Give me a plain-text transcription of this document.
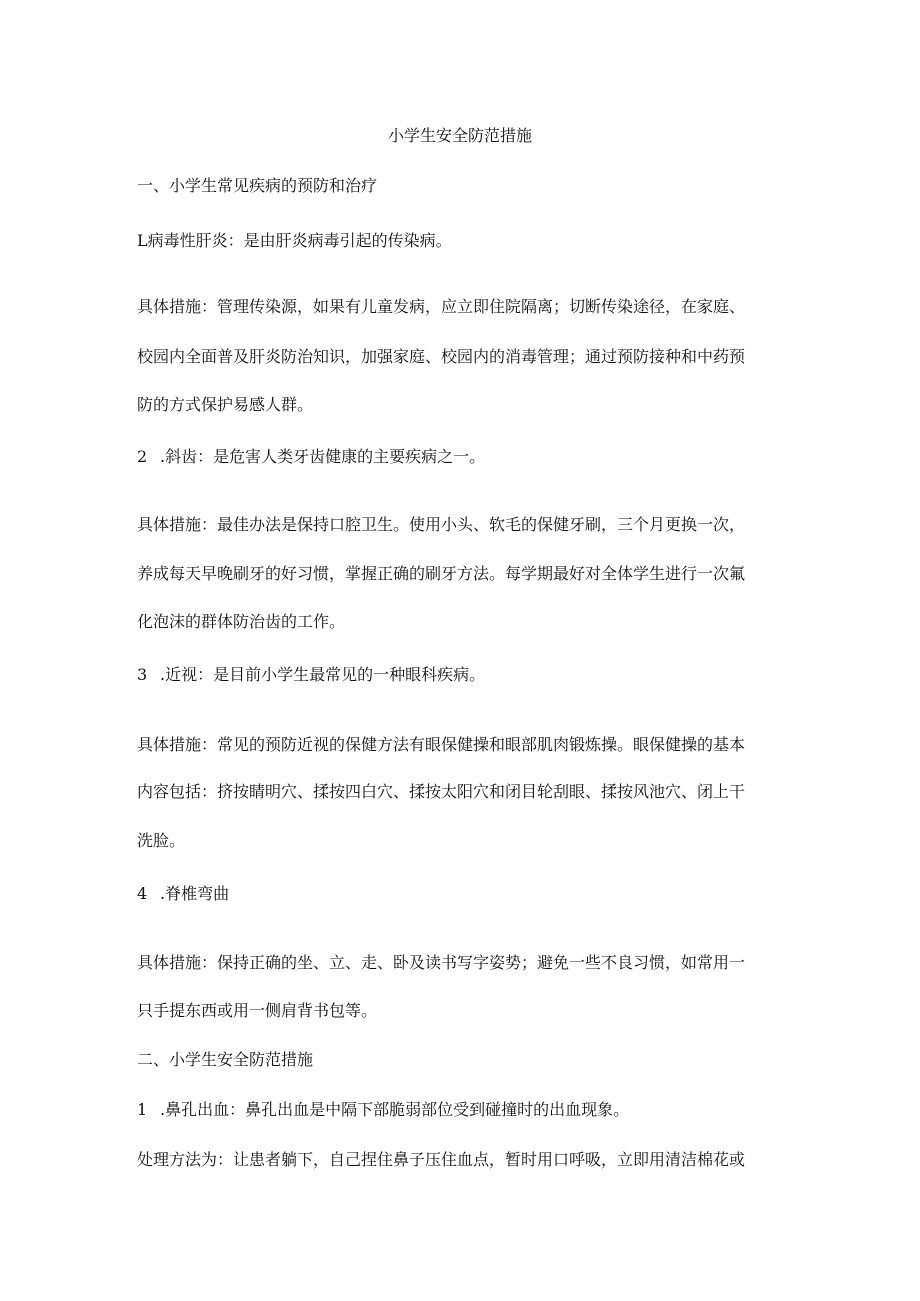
小学生安全防范措施
一、小学生常见疾病的预防和治疗
L病毒性肝炎：是由肝炎病毒引起的传染病。
具体措施：管理传染源，如果有儿童发病，应立即住院隔离；切断传染途径，在家庭、
校园内全面普及肝炎防治知识，加强家庭、校园内的消毒管理；通过预防接种和中药预
防的方式保护易感人群。
2 .斜齿：是危害人类牙齿健康的主要疾病之一。
具体措施：最佳办法是保持口腔卫生。使用小头、软毛的保健牙刷，三个月更换一次，
养成每天早晚刷牙的好习惯，掌握正确的刷牙方法。每学期最好对全体学生进行一次氟
化泡沫的群体防治齿的工作。
3 .近视：是目前小学生最常见的一种眼科疾病。
具体措施：常见的预防近视的保健方法有眼保健操和眼部肌肉锻炼操。眼保健操的基本
内容包括：挤按睛明穴、揉按四白穴、揉按太阳穴和闭目轮刮眼、揉按风池穴、闭上干
洗脸。
4 .脊椎弯曲
具体措施：保持正确的坐、立、走、卧及读书写字姿势；避免一些不良习惯，如常用一
只手提东西或用一侧肩背书包等。
二、小学生安全防范措施
1 .鼻孔出血：鼻孔出血是中隔下部脆弱部位受到碰撞时的出血现象。
处理方法为：让患者躺下，自己捏住鼻子压住血点，暂时用口呼吸，立即用清洁棉花或
